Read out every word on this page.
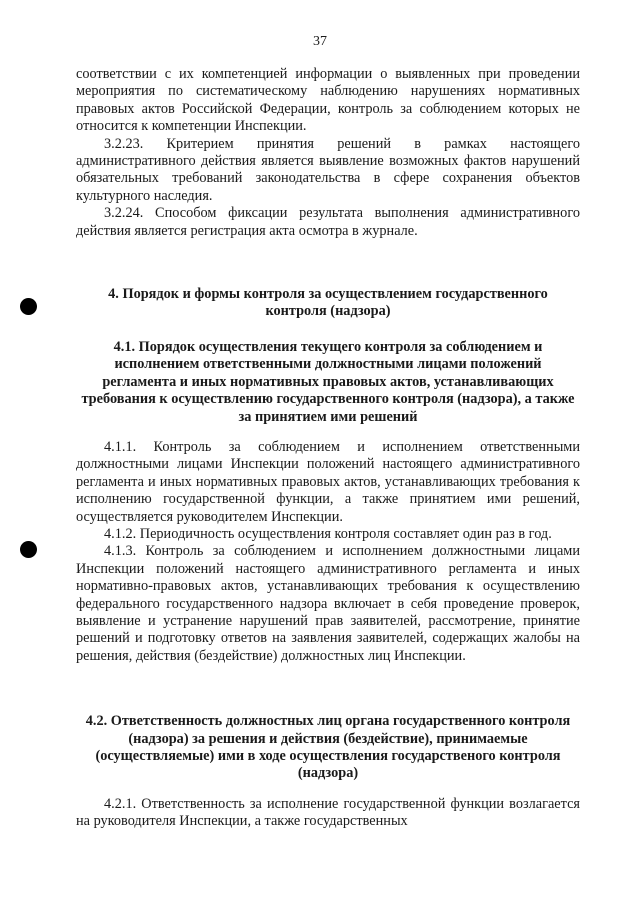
37

соответствии с их компетенцией информации о выявленных при проведении мероприятия по систематическому наблюдению нарушениях нормативных правовых актов Российской Федерации, контроль за соблюдением которых не относится к компетенции Инспекции.

3.2.23. Критерием принятия решений в рамках настоящего административного действия является выявление возможных фактов нарушений обязательных требований законодательства в сфере сохранения объектов культурного наследия.

3.2.24. Способом фиксации результата выполнения административного действия является регистрация акта осмотра в журнале.

4. Порядок и формы контроля за осуществлением государственного контроля (надзора)

4.1. Порядок осуществления текущего контроля за соблюдением и исполнением ответственными должностными лицами положений регламента и иных нормативных правовых актов, устанавливающих требования к осуществлению государственного контроля (надзора), а также за принятием ими решений

4.1.1. Контроль за соблюдением и исполнением ответственными должностными лицами Инспекции положений настоящего административного регламента и иных нормативных правовых актов, устанавливающих требования к исполнению государственной функции, а также принятием ими решений, осуществляется руководителем Инспекции.

4.1.2. Периодичность осуществления контроля составляет один раз в год.

4.1.3. Контроль за соблюдением и исполнением должностными лицами Инспекции положений настоящего административного регламента и иных нормативно-правовых актов, устанавливающих требования к осуществлению федерального государственного надзора включает в себя проведение проверок, выявление и устранение нарушений прав заявителей, рассмотрение, принятие решений и подготовку ответов на заявления заявителей, содержащих жалобы на решения, действия (бездействие) должностных лиц Инспекции.

4.2. Ответственность должностных лиц органа государственного контроля (надзора) за решения и действия (бездействие), принимаемые (осуществляемые) ими в ходе осуществления государственого контроля (надзора)

4.2.1. Ответственность за исполнение государственной функции возлагается на руководителя Инспекции, а также государственных
